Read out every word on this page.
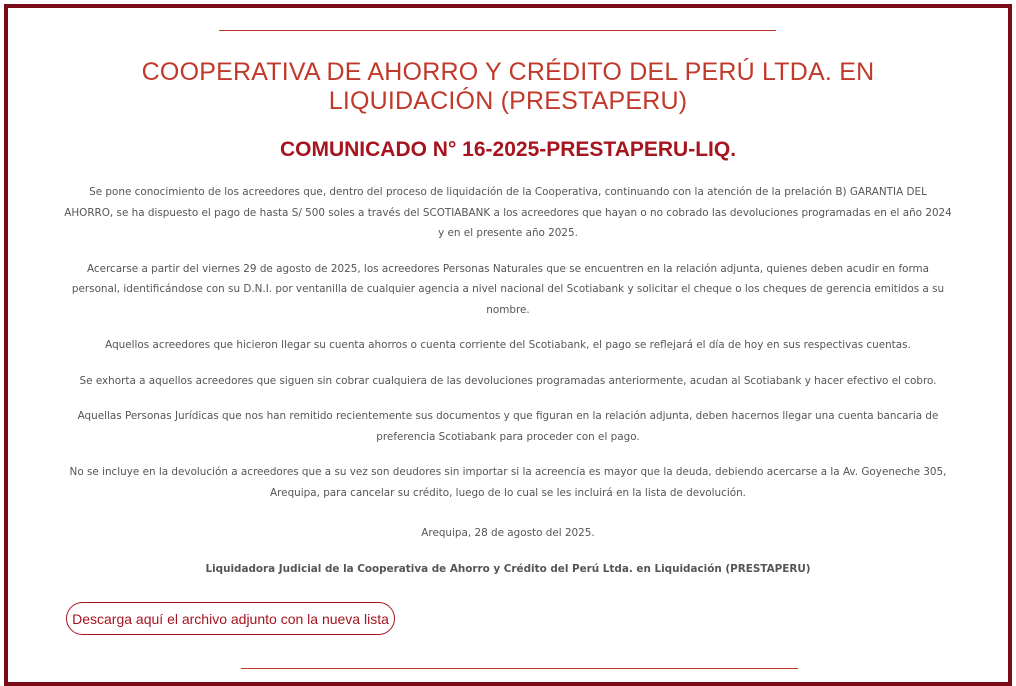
COOPERATIVA DE AHORRO Y CRÉDITO DEL PERÚ LTDA. EN
LIQUIDACIÓN (PRESTAPERU)
COMUNICADO N° 16-2025-PRESTAPERU-LIQ.

Se pone conocimiento de los acreedores que, dentro del proceso de liquidación de la Cooperativa, continuando con la atención de la prelación B) GARANTIA DEL AHORRO, se ha dispuesto el pago de hasta S/ 500 soles a través del SCOTIABANK a los acreedores que hayan o no cobrado las devoluciones programadas en el año 2024 y en el presente año 2025.

Acercarse a partir del viernes 29 de agosto de 2025, los acreedores Personas Naturales que se encuentren en la relación adjunta, quienes deben acudir en forma personal, identificándose con su D.N.I. por ventanilla de cualquier agencia a nivel nacional del Scotiabank y solicitar el cheque o los cheques de gerencia emitidos a su nombre.

Aquellos acreedores que hicieron llegar su cuenta ahorros o cuenta corriente del Scotiabank, el pago se reflejará el día de hoy en sus respectivas cuentas.

Se exhorta a aquellos acreedores que siguen sin cobrar cualquiera de las devoluciones programadas anteriormente, acudan al Scotiabank y hacer efectivo el cobro.

Aquellas Personas Jurídicas que nos han remitido recientemente sus documentos y que figuran en la relación adjunta, deben hacernos llegar una cuenta bancaria de preferencia Scotiabank para proceder con el pago.

No se incluye en la devolución a acreedores que a su vez son deudores sin importar si la acreencia es mayor que la deuda, debiendo acercarse a la Av. Goyeneche 305, Arequipa, para cancelar su crédito, luego de lo cual se les incluirá en la lista de devolución.

Arequipa, 28 de agosto del 2025.

Liquidadora Judicial de la Cooperativa de Ahorro y Crédito del Perú Ltda. en Liquidación (PRESTAPERU)

Descarga aquí el archivo adjunto con la nueva lista
